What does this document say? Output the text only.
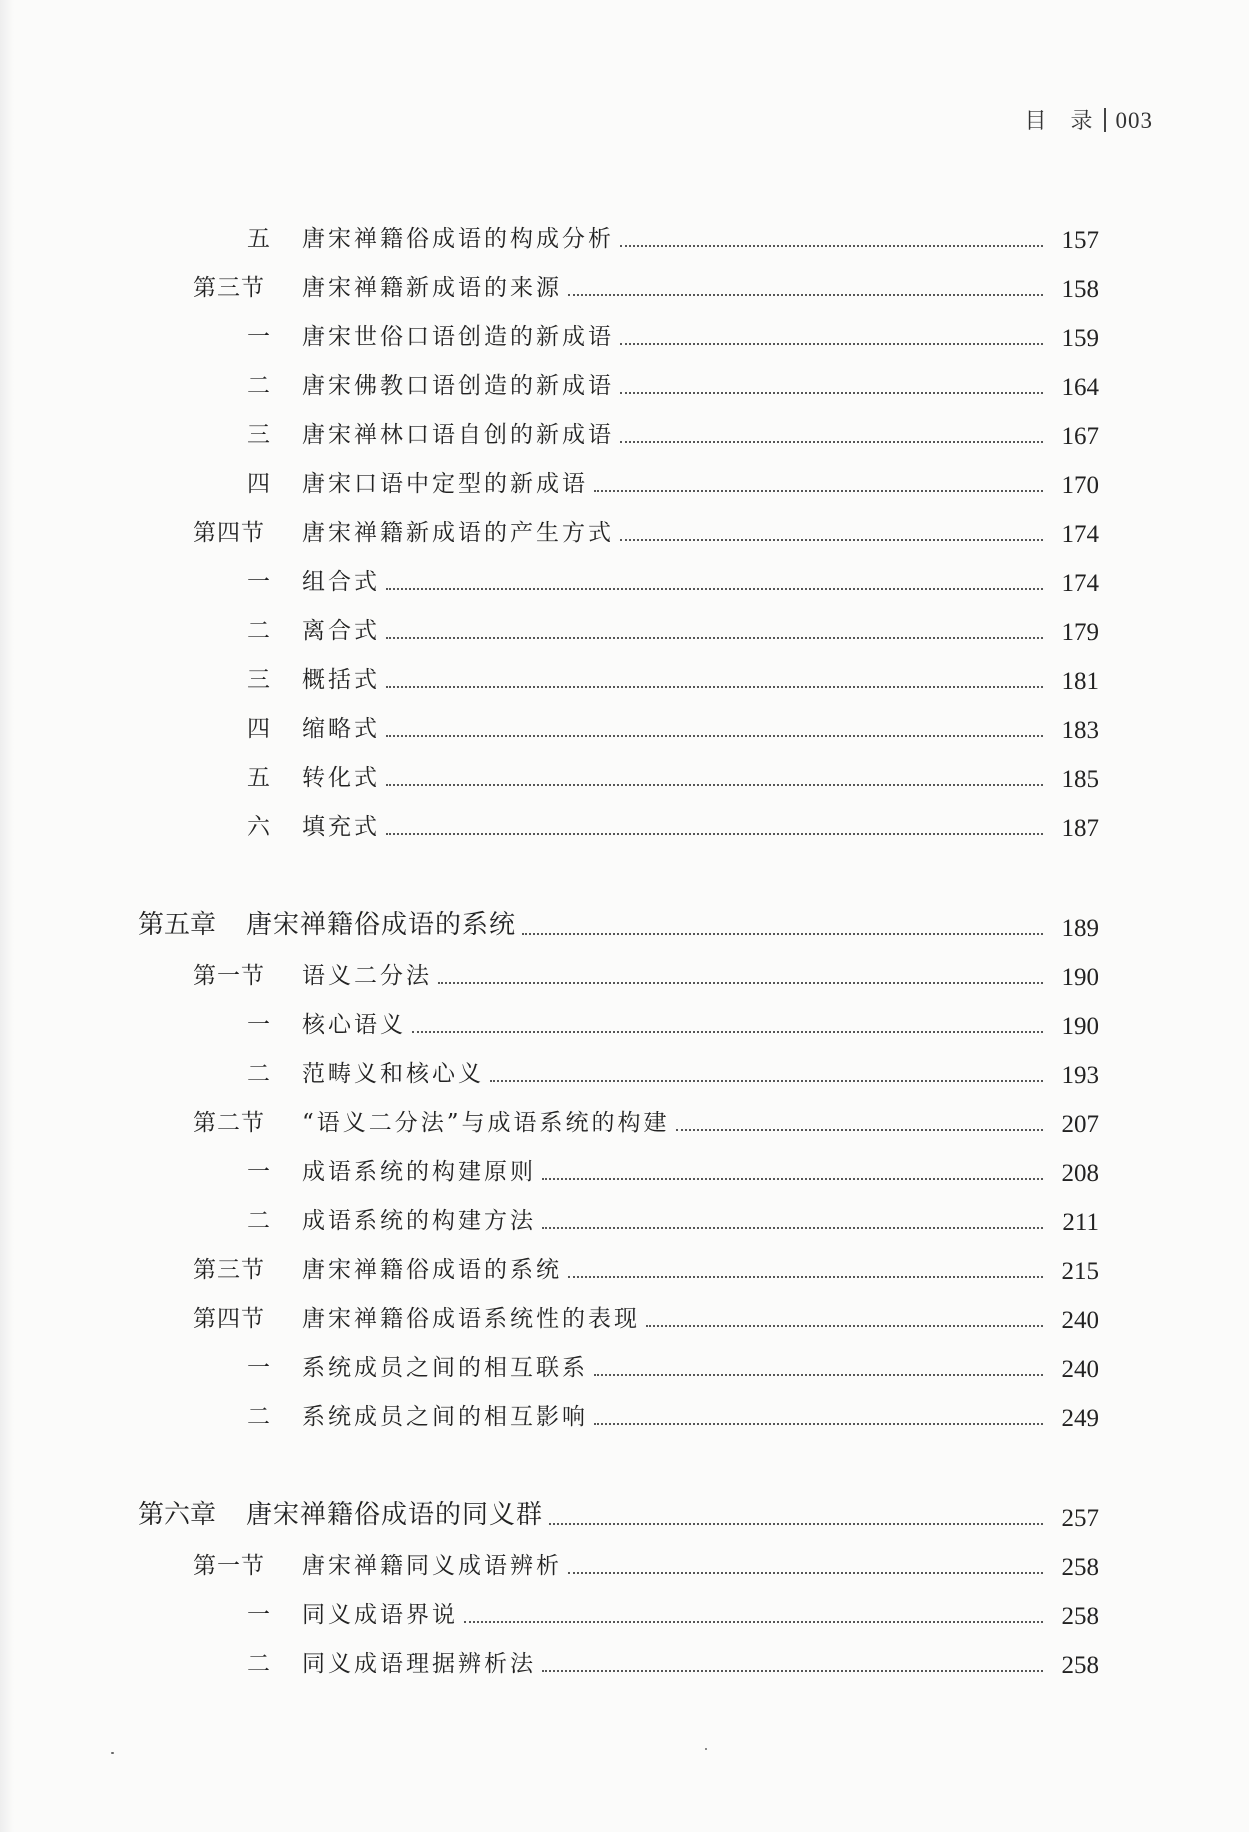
目　录 003
五	唐宋禅籍俗成语的构成分析	157
第三节 唐宋禅籍新成语的来源	158
一	唐宋世俗口语创造的新成语	159
二	唐宋佛教口语创造的新成语	164
三	唐宋禅林口语自创的新成语	167
四	唐宋口语中定型的新成语	170
第四节 唐宋禅籍新成语的产生方式	174
一	组合式	174
二	离合式	179
三	概括式	181
四	缩略式	183
五	转化式	185
六	填充式	187
第五章 唐宋禅籍俗成语的系统	189
第一节 语义二分法	190
一	核心语义	190
二	范畴义和核心义	193
第二节 “语义二分法”与成语系统的构建	207
一	成语系统的构建原则	208
二	成语系统的构建方法	211
第三节 唐宋禅籍俗成语的系统	215
第四节 唐宋禅籍俗成语系统性的表现	240
一	系统成员之间的相互联系	240
二	系统成员之间的相互影响	249
第六章 唐宋禅籍俗成语的同义群	257
第一节 唐宋禅籍同义成语辨析	258
一	同义成语界说	258
二	同义成语理据辨析法	258
